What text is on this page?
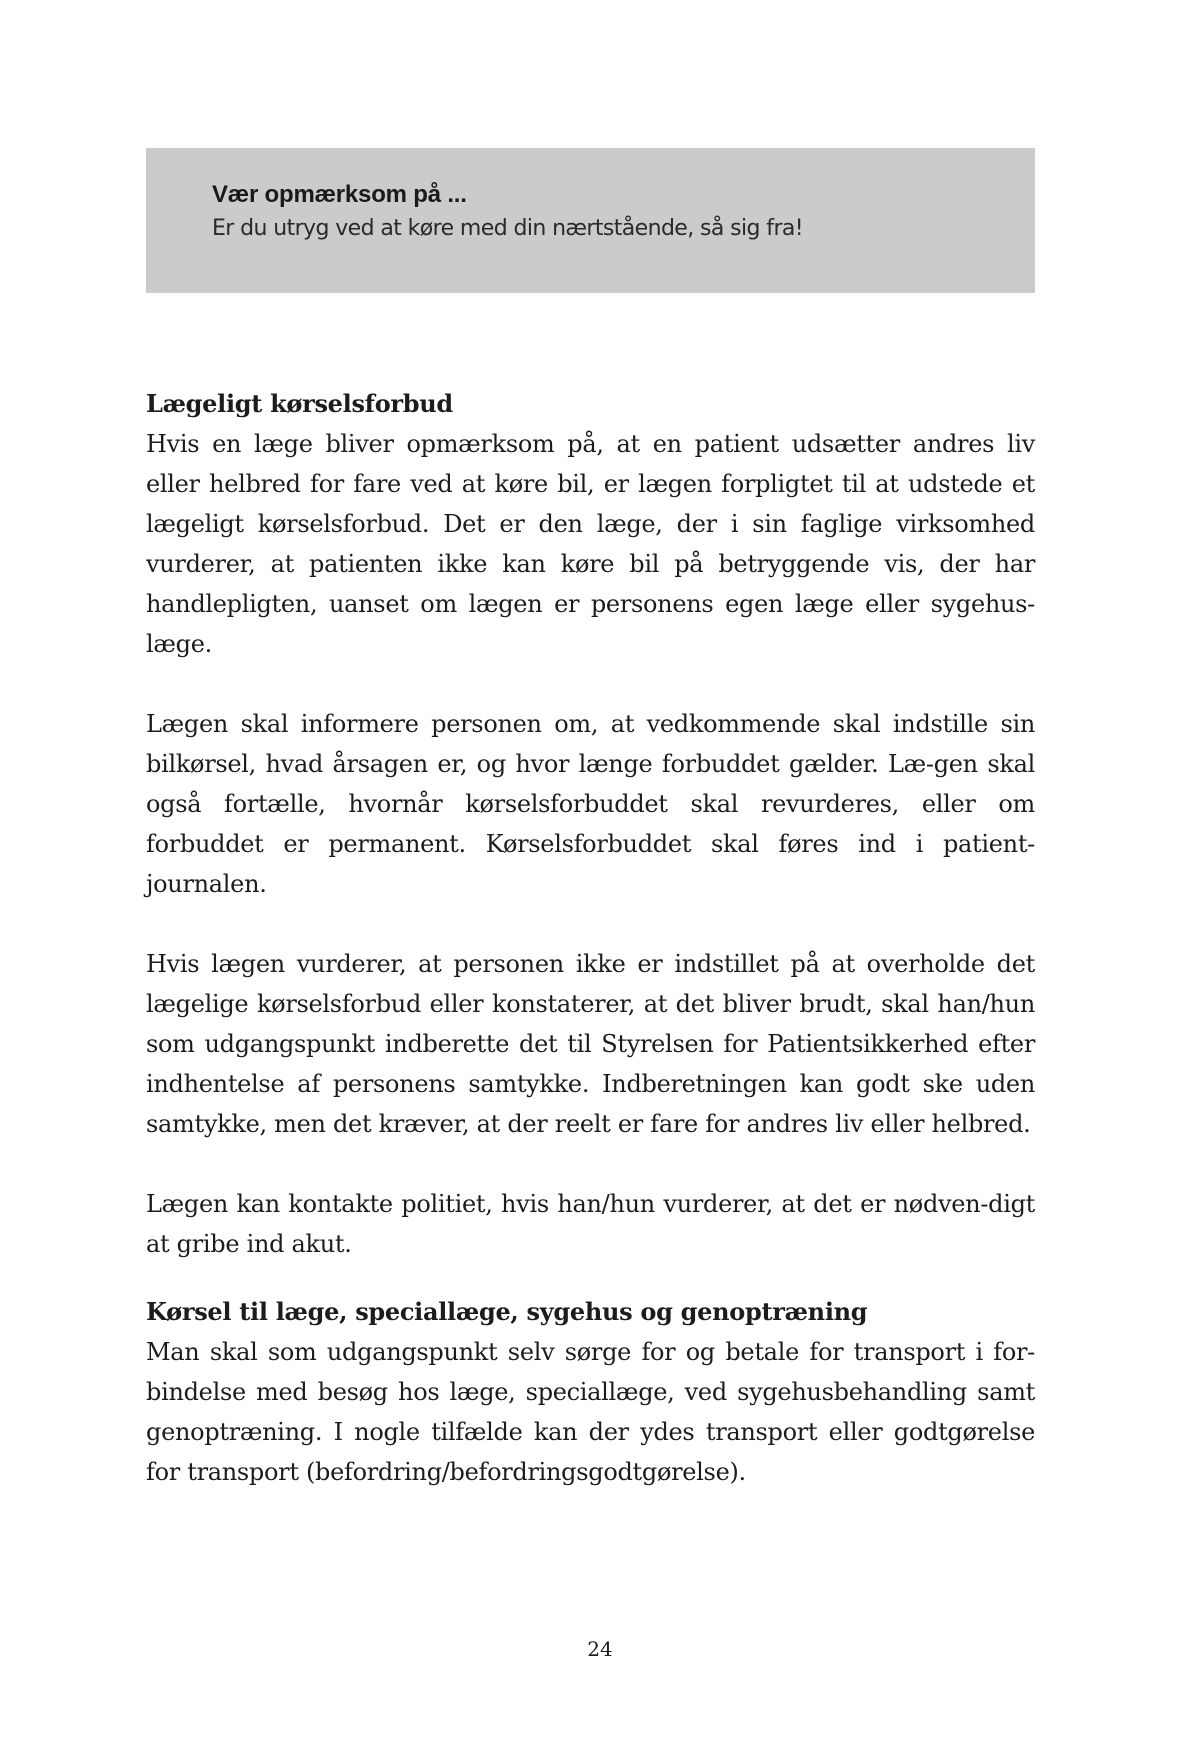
Vær opmærksom på ...
Er du utryg ved at køre med din nærtstående, så sig fra!
Lægeligt kørselsforbud

Hvis en læge bliver opmærksom på, at en patient udsætter andres liv eller helbred for fare ved at køre bil, er lægen forpligtet til at udstede et lægeligt kørselsforbud. Det er den læge, der i sin faglige virksomhed vurderer, at patienten ikke kan køre bil på betryggende vis, der har handlepligten, uanset om lægen er personens egen læge eller sygehus-læge.

Lægen skal informere personen om, at vedkommende skal indstille sin bilkørsel, hvad årsagen er, og hvor længe forbuddet gælder. Læ-gen skal også fortælle, hvornår kørselsforbuddet skal revurderes, eller om forbuddet er permanent. Kørselsforbuddet skal føres ind i patient-journalen.

Hvis lægen vurderer, at personen ikke er indstillet på at overholde det lægelige kørselsforbud eller konstaterer, at det bliver brudt, skal han/hun som udgangspunkt indberette det til Styrelsen for Patientsikkerhed efter indhentelse af personens samtykke. Indberetningen kan godt ske uden samtykke, men det kræver, at der reelt er fare for andres liv eller helbred.

Lægen kan kontakte politiet, hvis han/hun vurderer, at det er nødven-digt at gribe ind akut.

Kørsel til læge, speciallæge, sygehus og genoptræning

Man skal som udgangspunkt selv sørge for og betale for transport i for-bindelse med besøg hos læge, speciallæge, ved sygehusbehandling samt genoptræning. I nogle tilfælde kan der ydes transport eller godtgørelse for transport (befordring/befordringsgodtgørelse).

24
